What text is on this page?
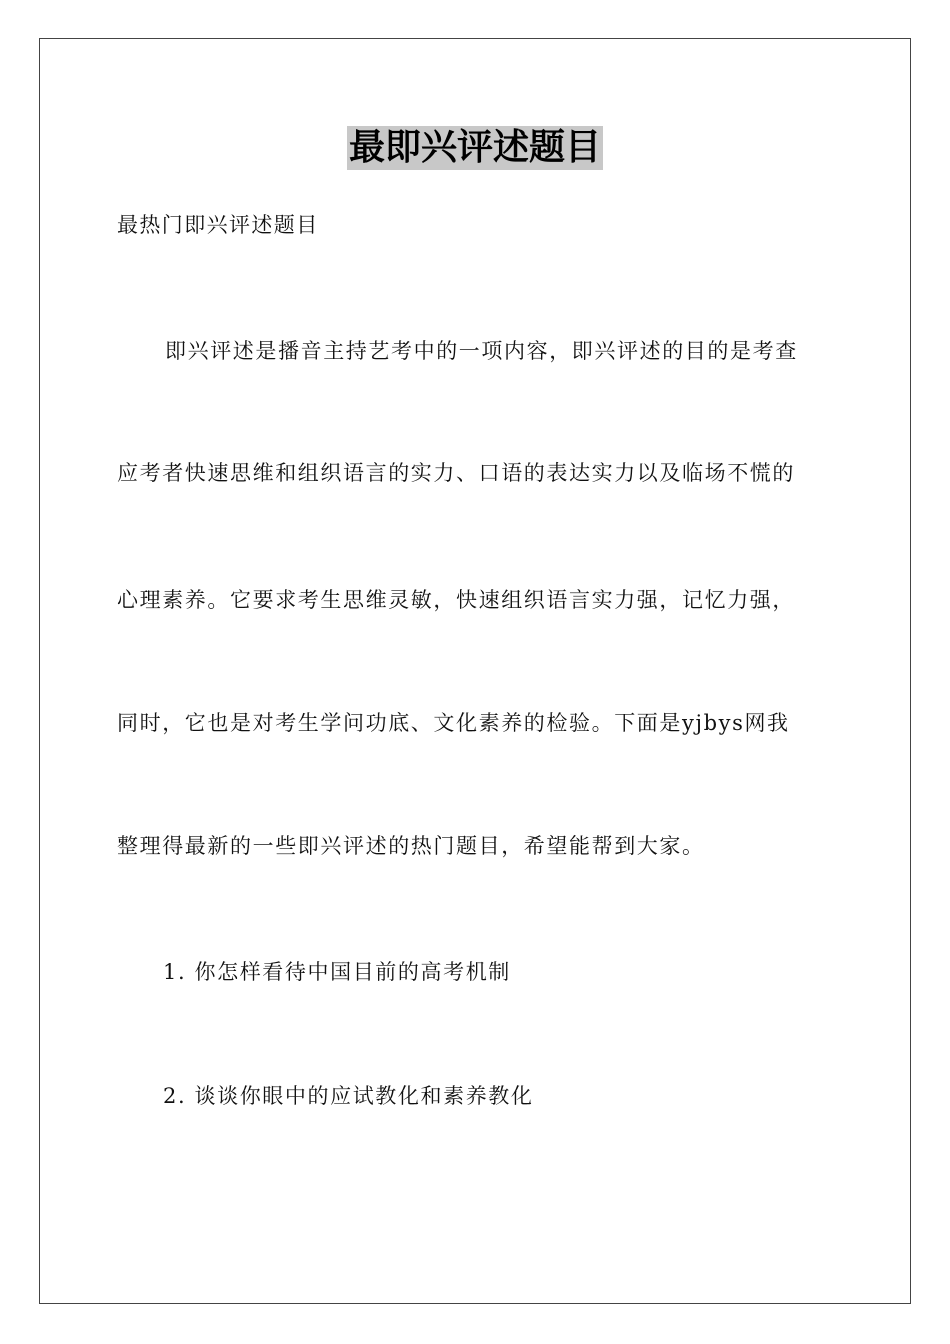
最即兴评述题目
最热门即兴评述题目
即兴评述是播音主持艺考中的一项内容，即兴评述的目的是考查
应考者快速思维和组织语言的实力、口语的表达实力以及临场不慌的
心理素养。它要求考生思维灵敏，快速组织语言实力强，记忆力强，
同时，它也是对考生学问功底、文化素养的检验。下面是yjbys网我
整理得最新的一些即兴评述的热门题目，希望能帮到大家。
1. 你怎样看待中国目前的高考机制
2. 谈谈你眼中的应试教化和素养教化
